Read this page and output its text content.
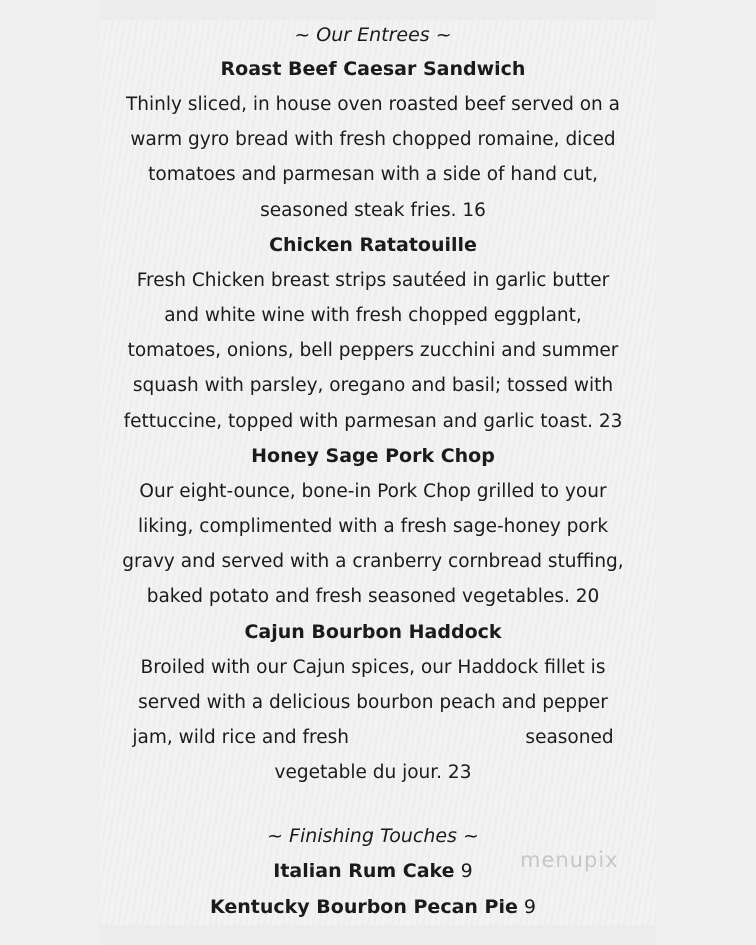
~ Our Entrees ~

Roast Beef Caesar Sandwich

Thinly sliced, in house oven roasted beef served on a
warm gyro bread with fresh chopped romaine, diced
tomatoes and parmesan with a side of hand cut,
seasoned steak fries. 16

Chicken Ratatouille

Fresh Chicken breast strips sautéed in garlic butter
and white wine with fresh chopped eggplant,
tomatoes, onions, bell peppers zucchini and summer
squash with parsley, oregano and basil; tossed with
fettuccine, topped with parmesan and garlic toast. 23

Honey Sage Pork Chop

Our eight-ounce, bone-in Pork Chop grilled to your
liking, complimented with a fresh sage-honey pork
gravy and served with a cranberry cornbread stuffing,
baked potato and fresh seasoned vegetables. 20

Cajun Bourbon Haddock

Broiled with our Cajun spices, our Haddock fillet is
served with a delicious bourbon peach and pepper
jam, wild rice and fresh                              seasoned
vegetable du jour. 23

~ Finishing Touches ~

Italian Rum Cake 9

Kentucky Bourbon Pecan Pie 9

menupix
